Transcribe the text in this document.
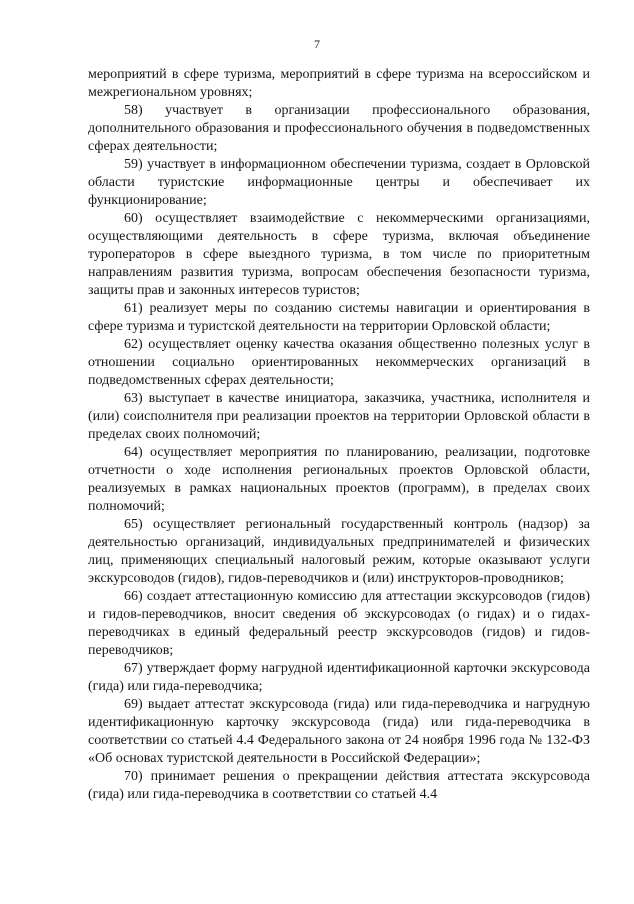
7

мероприятий в сфере туризма, мероприятий в сфере туризма на всероссийском и межрегиональном уровнях;

58) участвует в организации профессионального образования, дополнительного образования и профессионального обучения в подведомственных сферах деятельности;

59) участвует в информационном обеспечении туризма, создает в Орловской области туристские информационные центры и обеспечивает их функционирование;

60) осуществляет взаимодействие с некоммерческими организациями, осуществляющими деятельность в сфере туризма, включая объединение туроператоров в сфере выездного туризма, в том числе по приоритетным направлениям развития туризма, вопросам обеспечения безопасности туризма, защиты прав и законных интересов туристов;

61) реализует меры по созданию системы навигации и ориентирования в сфере туризма и туристской деятельности на территории Орловской области;

62) осуществляет оценку качества оказания общественно полезных услуг в отношении социально ориентированных некоммерческих организаций в подведомственных сферах деятельности;

63) выступает в качестве инициатора, заказчика, участника, исполнителя и (или) соисполнителя при реализации проектов на территории Орловской области в пределах своих полномочий;

64) осуществляет мероприятия по планированию, реализации, подготовке отчетности о ходе исполнения региональных проектов Орловской области, реализуемых в рамках национальных проектов (программ), в пределах своих полномочий;

65) осуществляет региональный государственный контроль (надзор) за деятельностью организаций, индивидуальных предпринимателей и физических лиц, применяющих специальный налоговый режим, которые оказывают услуги экскурсоводов (гидов), гидов-переводчиков и (или) инструкторов-проводников;

66) создает аттестационную комиссию для аттестации экскурсоводов (гидов) и гидов-переводчиков, вносит сведения об экскурсоводах (о гидах) и о гидах-переводчиках в единый федеральный реестр экскурсоводов (гидов) и гидов-переводчиков;

67) утверждает форму нагрудной идентификационной карточки экскурсовода (гида) или гида-переводчика;

69) выдает аттестат экскурсовода (гида) или гида-переводчика и нагрудную идентификационную карточку экскурсовода (гида) или гида-переводчика в соответствии со статьей 4.4 Федерального закона от 24 ноября 1996 года № 132-ФЗ «Об основах туристской деятельности в Российской Федерации»;

70) принимает решения о прекращении действия аттестата экскурсовода (гида) или гида-переводчика в соответствии со статьей 4.4
